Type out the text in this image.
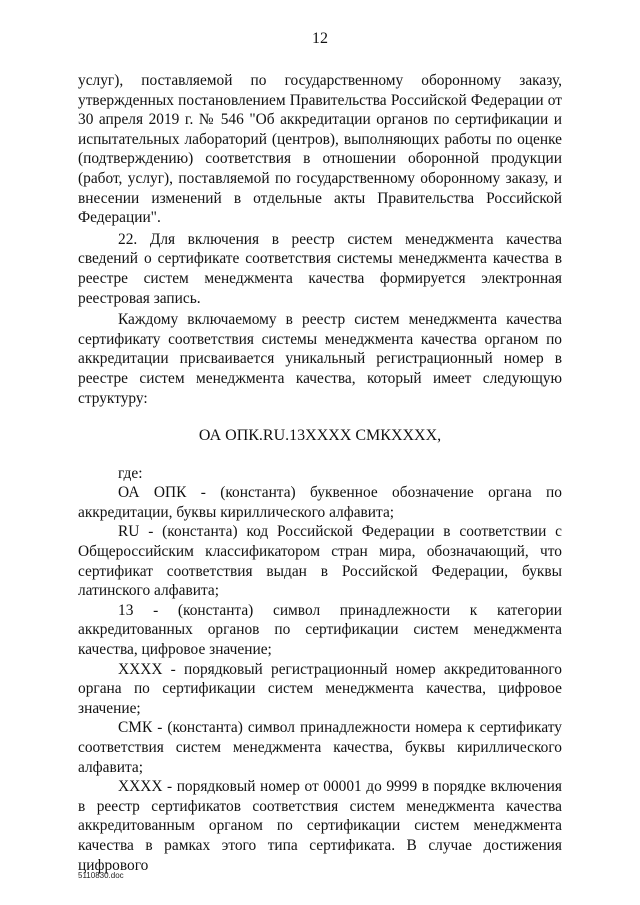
12

услуг), поставляемой по государственному оборонному заказу, утвержденных постановлением Правительства Российской Федерации от 30 апреля 2019 г. № 546 "Об аккредитации органов по сертификации и испытательных лабораторий (центров), выполняющих работы по оценке (подтверждению) соответствия в отношении оборонной продукции (работ, услуг), поставляемой по государственному оборонному заказу, и внесении изменений в отдельные акты Правительства Российской Федерации".

22. Для включения в реестр систем менеджмента качества сведений о сертификате соответствия системы менеджмента качества в реестре систем менеджмента качества формируется электронная реестровая запись.

Каждому включаемому в реестр систем менеджмента качества сертификату соответствия системы менеджмента качества органом по аккредитации присваивается уникальный регистрационный номер в реестре систем менеджмента качества, который имеет следующую структуру:

ОА ОПК.RU.13XXXX СМКXXXX,

где:

ОА ОПК - (константа) буквенное обозначение органа по аккредитации, буквы кириллического алфавита;

RU - (константа) код Российской Федерации в соответствии с Общероссийским классификатором стран мира, обозначающий, что сертификат соответствия выдан в Российской Федерации, буквы латинского алфавита;

13 - (константа) символ принадлежности к категории аккредитованных органов по сертификации систем менеджмента качества, цифровое значение;

XXXX - порядковый регистрационный номер аккредитованного органа по сертификации систем менеджмента качества, цифровое значение;

СМК - (константа) символ принадлежности номера к сертификату соответствия систем менеджмента качества, буквы кириллического алфавита;

XXXX - порядковый номер от 00001 до 9999 в порядке включения в реестр сертификатов соответствия систем менеджмента качества аккредитованным органом по сертификации систем менеджмента качества в рамках этого типа сертификата. В случае достижения цифрового

5110830.doc
